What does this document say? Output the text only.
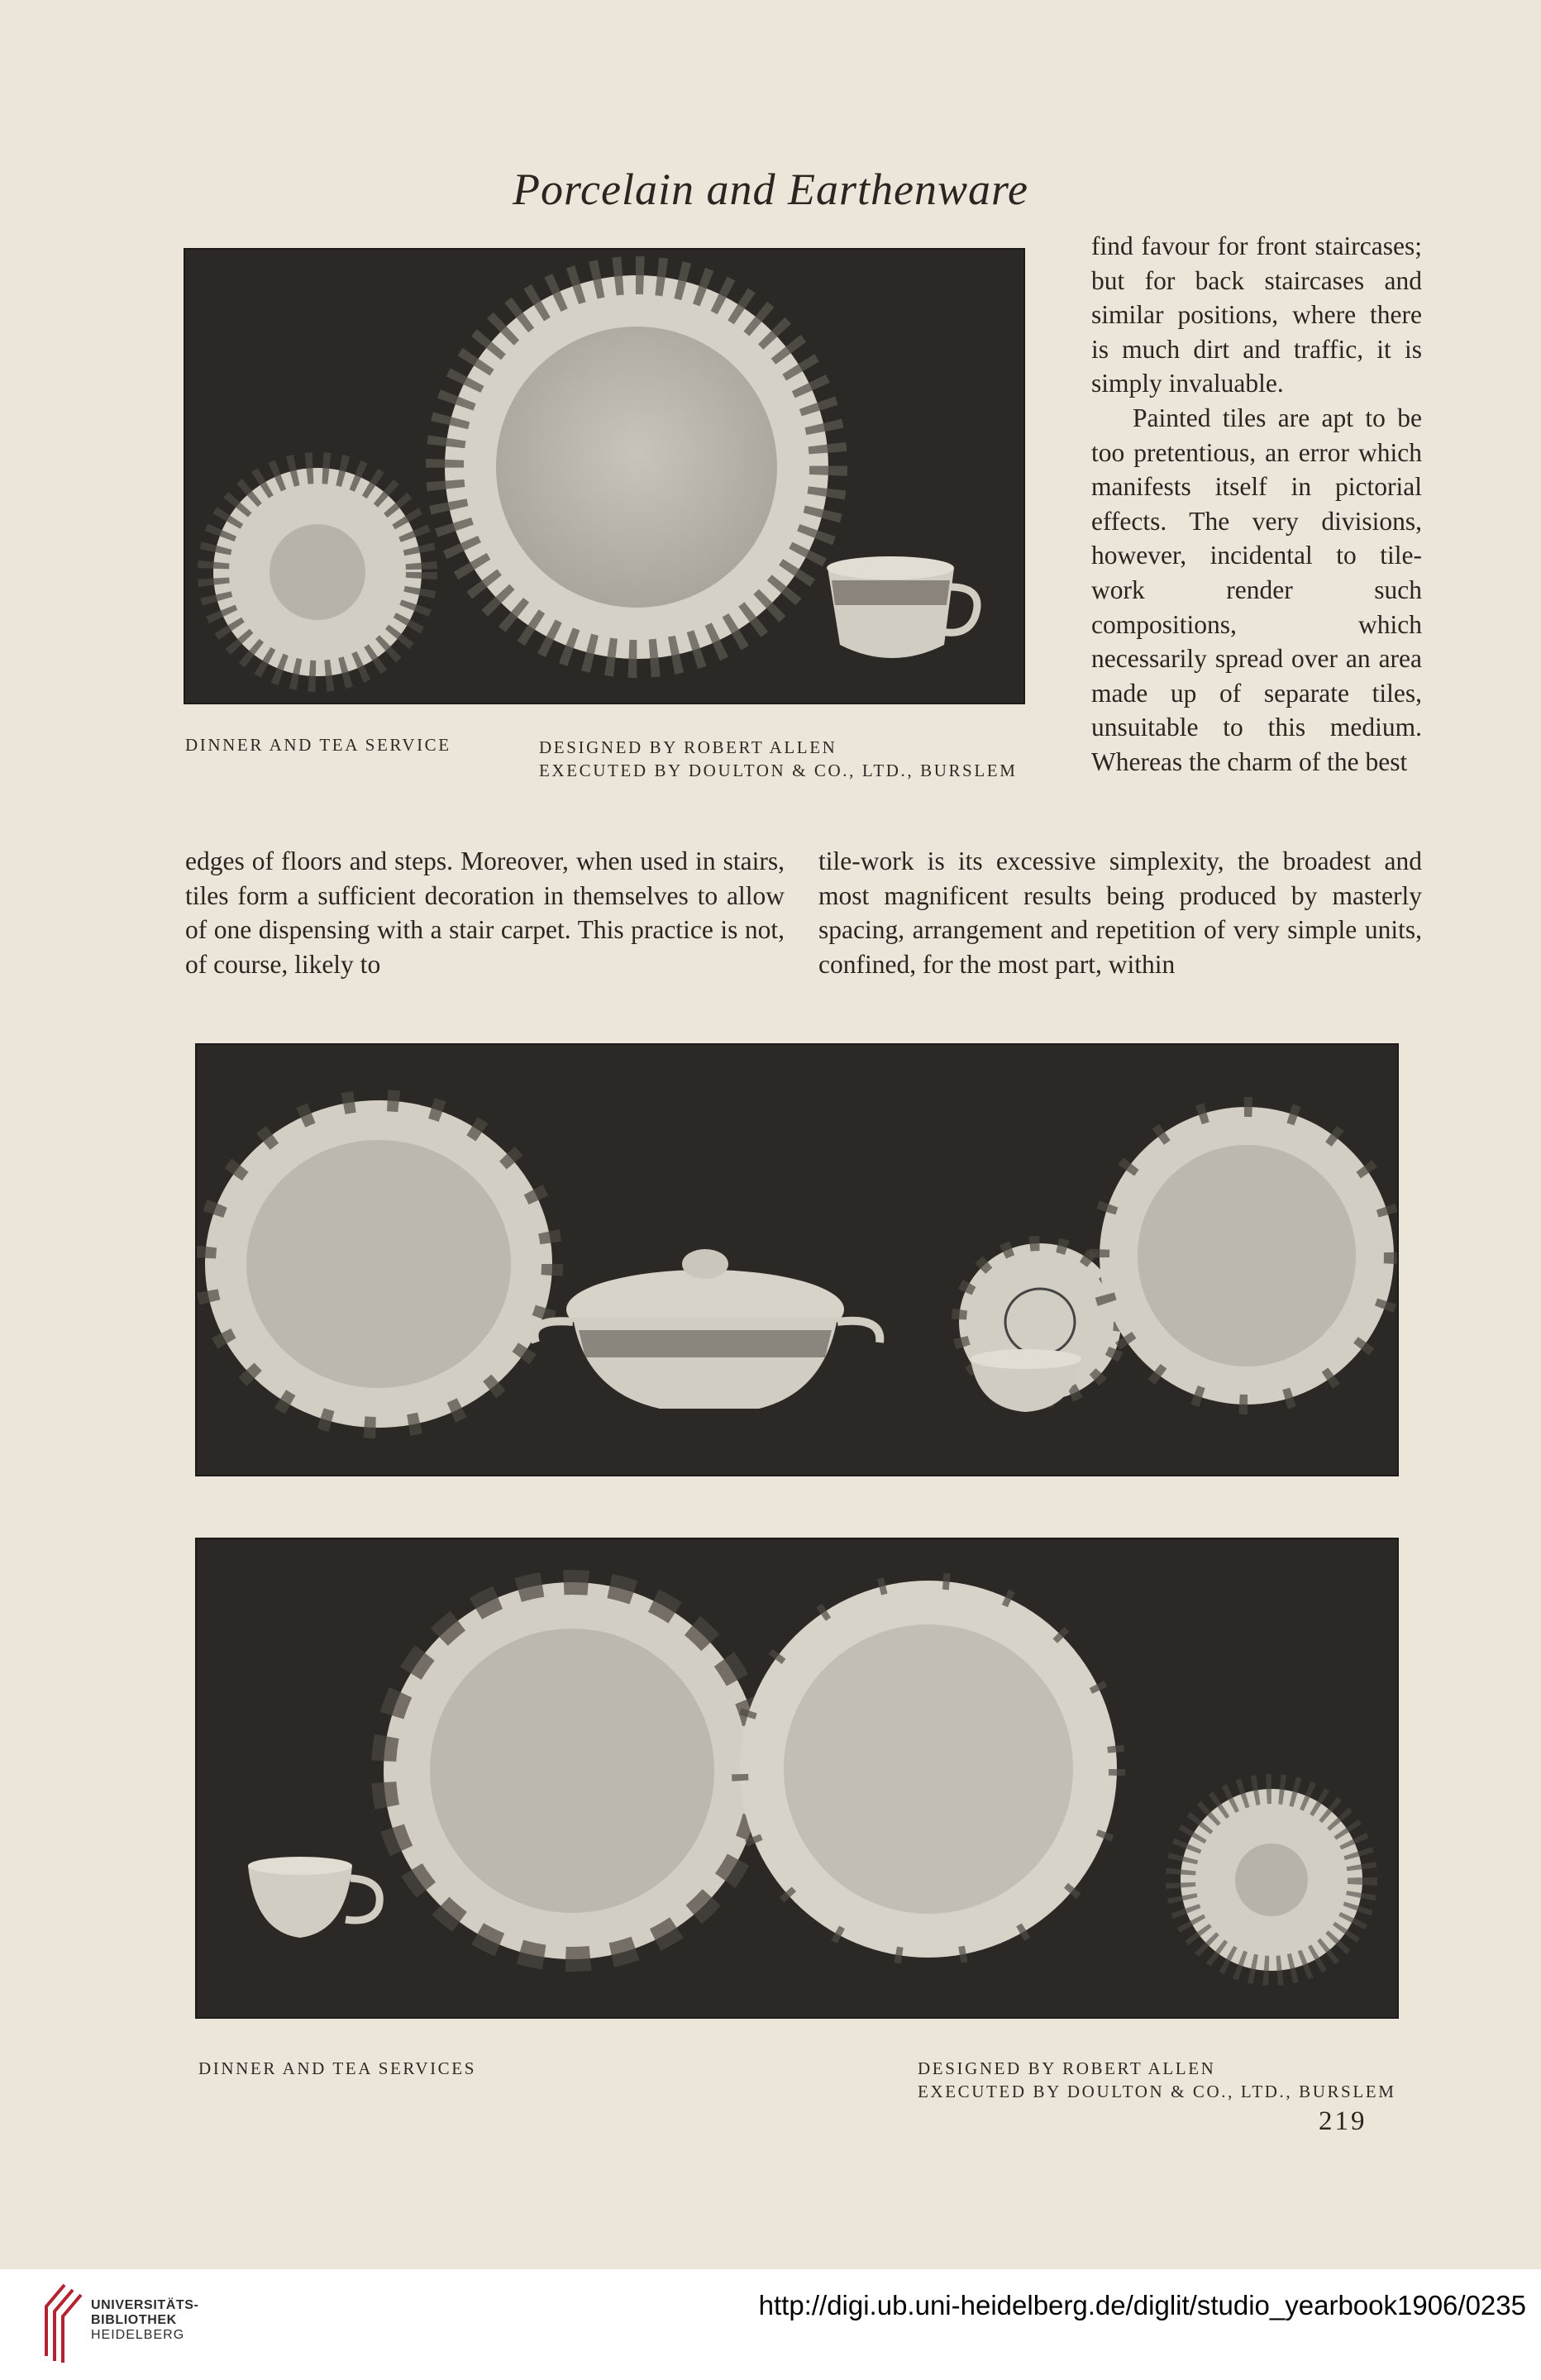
Porcelain and Earthenware
DINNER AND TEA SERVICE	DESIGNED BY ROBERT ALLEN
EXECUTED BY DOULTON & CO., LTD., BURSLEM

find favour for front staircases; but for back staircases and similar positions, where there is much dirt and traffic, it is simply invaluable.

Painted tiles are apt to be too pretentious, an error which manifests itself in pictorial effects. The very divisions, however, incidental to tile-work render such compositions, which necessarily spread over an area made up of separate tiles, unsuitable to this medium. Whereas the charm of the best

edges of floors and steps. Moreover, when used in stairs, tiles form a sufficient decoration in themselves to allow of one dispensing with a stair carpet. This practice is not, of course, likely to
tile-work is its excessive simplexity, the broadest and most magnificent results being produced by masterly spacing, arrangement and repetition of very simple units, confined, for the most part, within
DINNER AND TEA SERVICES	DESIGNED BY ROBERT ALLEN
EXECUTED BY DOULTON & CO., LTD., BURSLEM
219
UNIVERSITÄTS-
BIBLIOTHEK
HEIDELBERG
http://digi.ub.uni-heidelberg.de/diglit/studio_yearbook1906/0235
